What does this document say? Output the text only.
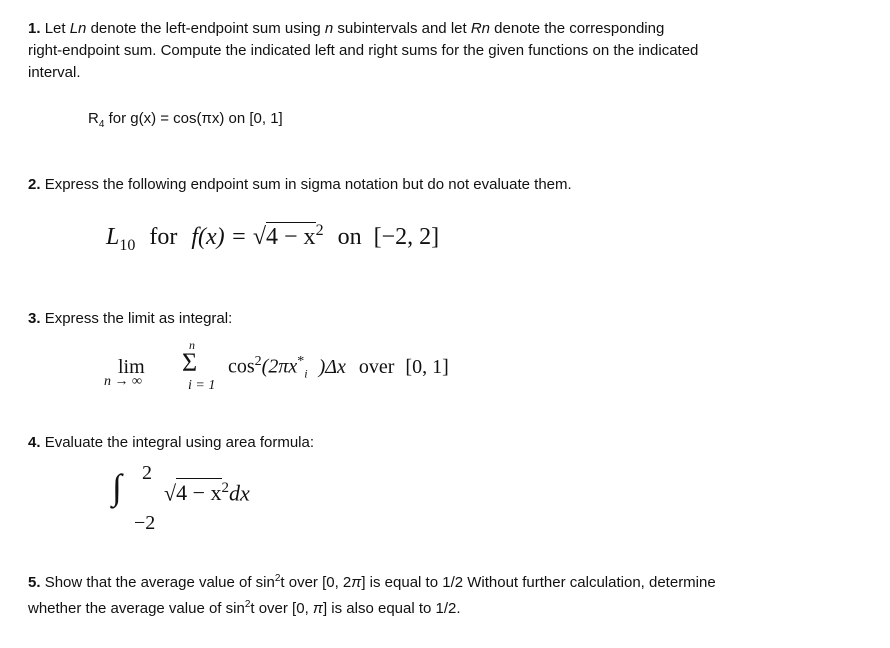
1. Let Ln denote the left-endpoint sum using n subintervals and let Rn denote the corresponding
right-endpoint sum. Compute the indicated left and right sums for the given functions on the indicated
interval.
$R_4$ for g(x) = cos(πx) on [0, 1]
2. Express the following endpoint sum in sigma notation but do not evaluate them.
$L_{10}$ for $f(x) = √4 - x^2$ on [−2, 2]
3. Express the limit as integral:
lim
n → ∞
n
Σ
i = 1
$\cos^2(2\pi x^*_i$ )Δx over [0, 1]
4. Evaluate the integral using area formula:
∫ 2
−2
$√4 - x^2dx$
5. Show that the average value of $\sin^2t$ over [0, 2π] is equal to 1/2 Without further calculation, determine
whether the average value of $\sin^2t$ over [0, π] is also equal to 1/2.
